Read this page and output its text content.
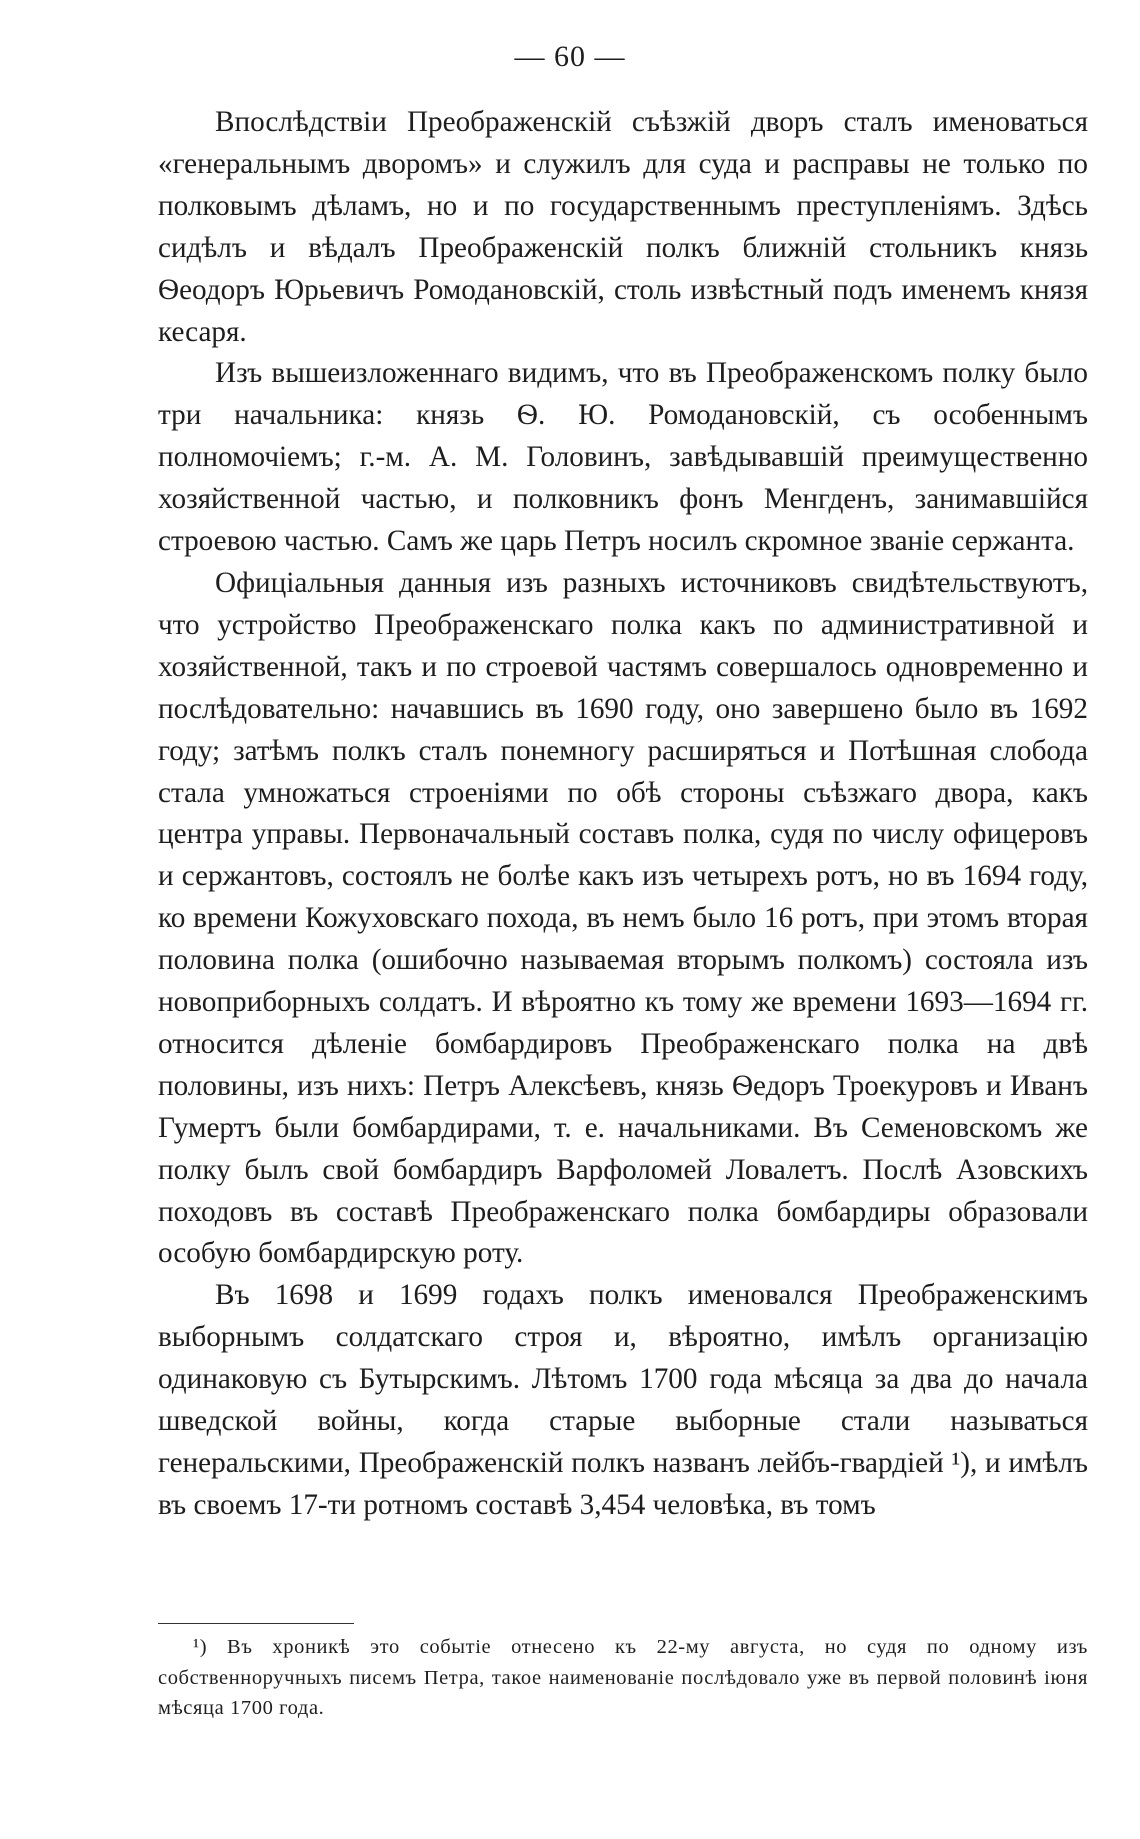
— 60 —

Впослѣдствіи Преображенскій съѣзжій дворъ сталъ именоваться «генеральнымъ дворомъ» и служилъ для суда и расправы не только по полковымъ дѣламъ, но и по государственнымъ преступленіямъ. Здѣсь сидѣлъ и вѣдалъ Преображенскій полкъ ближній стольникъ князь Ѳеодоръ Юрьевичъ Ромодановскій, столь извѣстный подъ именемъ князя кесаря.

Изъ вышеизложеннаго видимъ, что въ Преображенскомъ полку было три начальника: князь Ѳ. Ю. Ромодановскій, съ особеннымъ полномочіемъ; г.-м. А. М. Головинъ, завѣдывавшій преимущественно хозяйственной частью, и полковникъ фонъ Менгденъ, занимавшійся строевою частью. Самъ же царь Петръ носилъ скромное званіе сержанта.

Офиціальныя данныя изъ разныхъ источниковъ свидѣтельствуютъ, что устройство Преображенскаго полка какъ по административной и хозяйственной, такъ и по строевой частямъ совершалось одновременно и послѣдовательно: начавшись въ 1690 году, оно завершено было въ 1692 году; затѣмъ полкъ сталъ понемногу расширяться и Потѣшная слобода стала умножаться строеніями по обѣ стороны съѣзжаго двора, какъ центра управы. Первоначальный составъ полка, судя по числу офицеровъ и сержантовъ, состоялъ не болѣе какъ изъ четырехъ ротъ, но въ 1694 году, ко времени Кожуховскаго похода, въ немъ было 16 ротъ, при этомъ вторая половина полка (ошибочно называемая вторымъ полкомъ) состояла изъ новоприборныхъ солдатъ. И вѣроятно къ тому же времени 1693—1694 гг. относится дѣленіе бомбардировъ Преображенскаго полка на двѣ половины, изъ нихъ: Петръ Алексѣевъ, князь Ѳедоръ Троекуровъ и Иванъ Гумертъ были бомбардирами, т. е. начальниками. Въ Семеновскомъ же полку былъ свой бомбардиръ Варфоломей Ловалетъ. Послѣ Азовскихъ походовъ въ составѣ Преображенскаго полка бомбардиры образовали особую бомбардирскую роту.

Въ 1698 и 1699 годахъ полкъ именовался Преображенскимъ выборнымъ солдатскаго строя и, вѣроятно, имѣлъ организацію одинаковую съ Бутырскимъ. Лѣтомъ 1700 года мѣсяца за два до начала шведской войны, когда старые выборные стали называться генеральскими, Преображенскій полкъ названъ лейбъ-гвардіей ¹), и имѣлъ въ своемъ 17-ти ротномъ составѣ 3,454 человѣка, въ томъ

¹) Въ хроникѣ это событіе отнесено къ 22-му августа, но судя по одному изъ собственноручныхъ писемъ Петра, такое наименованіе послѣдовало уже въ первой половинѣ іюня мѣсяца 1700 года.
